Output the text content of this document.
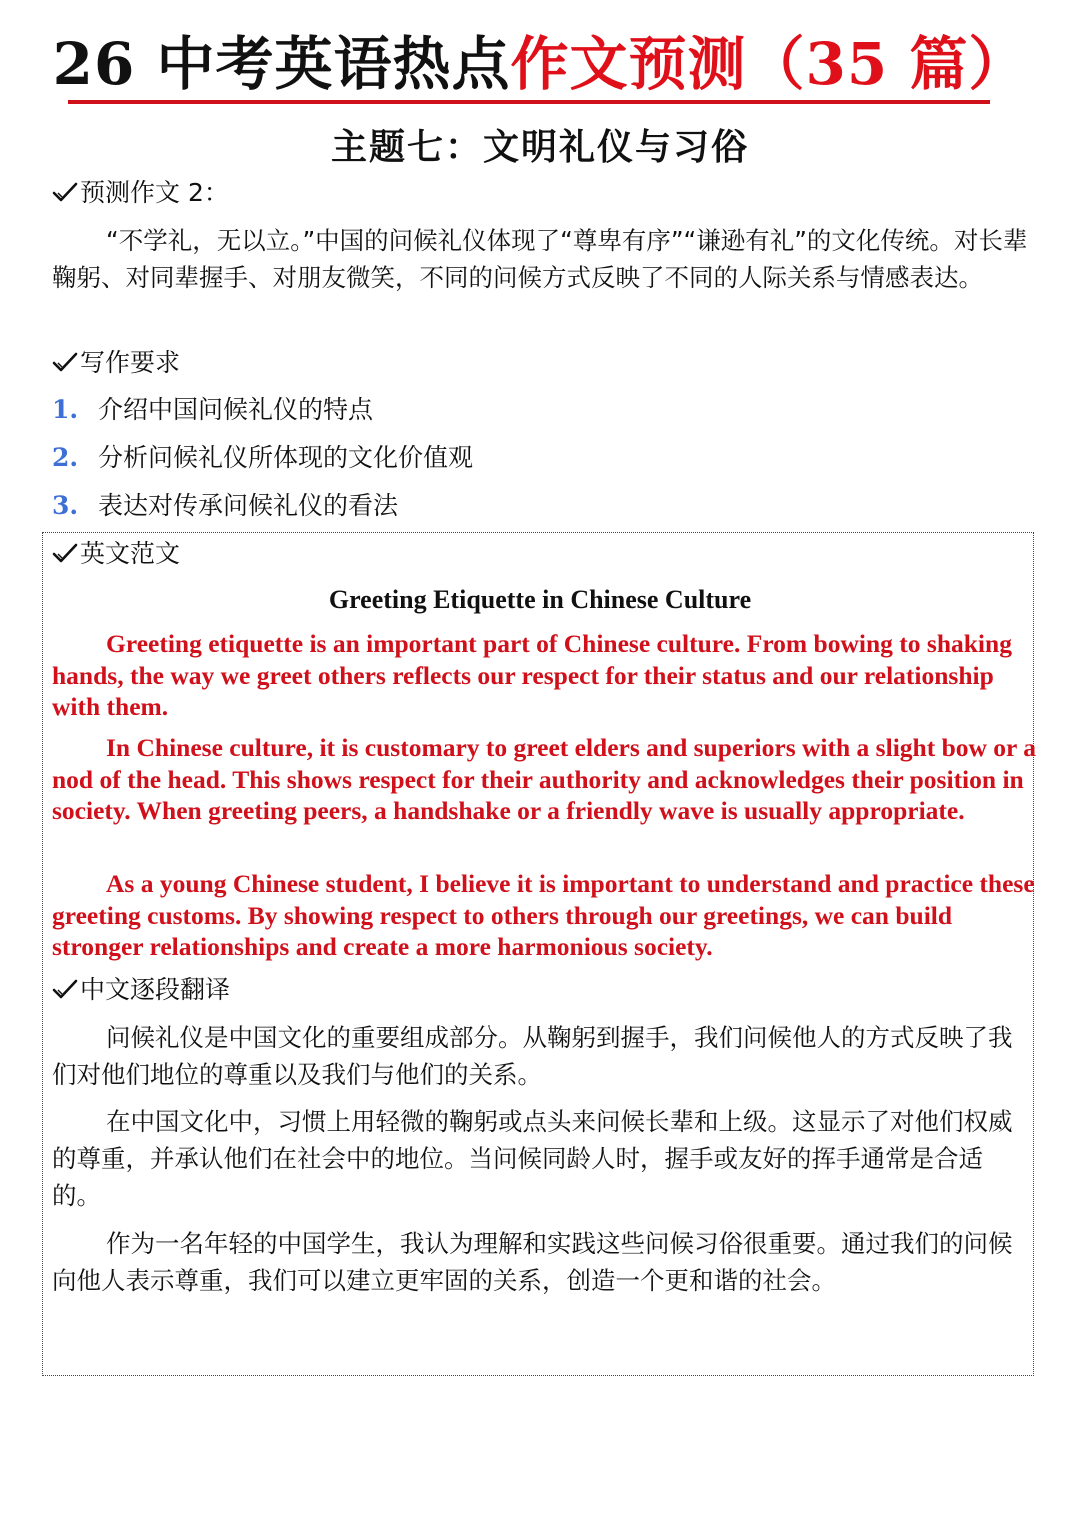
26 中考英语热点作文预测（35 篇）
主题七：文明礼仪与习俗
预测作文 2：

“不学礼，无以立。”中国的问候礼仪体现了“尊卑有序”“谦逊有礼”的文化传统。对长辈鞠躬、对同辈握手、对朋友微笑，不同的问候方式反映了不同的人际关系与情感表达。

写作要求
1. 介绍中国问候礼仪的特点
2. 分析问候礼仪所体现的文化价值观
3. 表达对传承问候礼仪的看法
英文范文
Greeting Etiquette in Chinese Culture

Greeting etiquette is an important part of Chinese culture. From bowing to shaking hands, the way we greet others reflects our respect for their status and our relationship with them.

In Chinese culture, it is customary to greet elders and superiors with a slight bow or a nod of the head. This shows respect for their authority and acknowledges their position in society. When greeting peers, a handshake or a friendly wave is usually appropriate.

As a young Chinese student, I believe it is important to understand and practice these greeting customs. By showing respect to others through our greetings, we can build stronger relationships and create a more harmonious society.

中文逐段翻译

问候礼仪是中国文化的重要组成部分。从鞠躬到握手，我们问候他人的方式反映了我们对他们地位的尊重以及我们与他们的关系。

在中国文化中，习惯上用轻微的鞠躬或点头来问候长辈和上级。这显示了对他们权威的尊重，并承认他们在社会中的地位。当问候同龄人时，握手或友好的挥手通常是合适的。

作为一名年轻的中国学生，我认为理解和实践这些问候习俗很重要。通过我们的问候向他人表示尊重，我们可以建立更牢固的关系，创造一个更和谐的社会。
